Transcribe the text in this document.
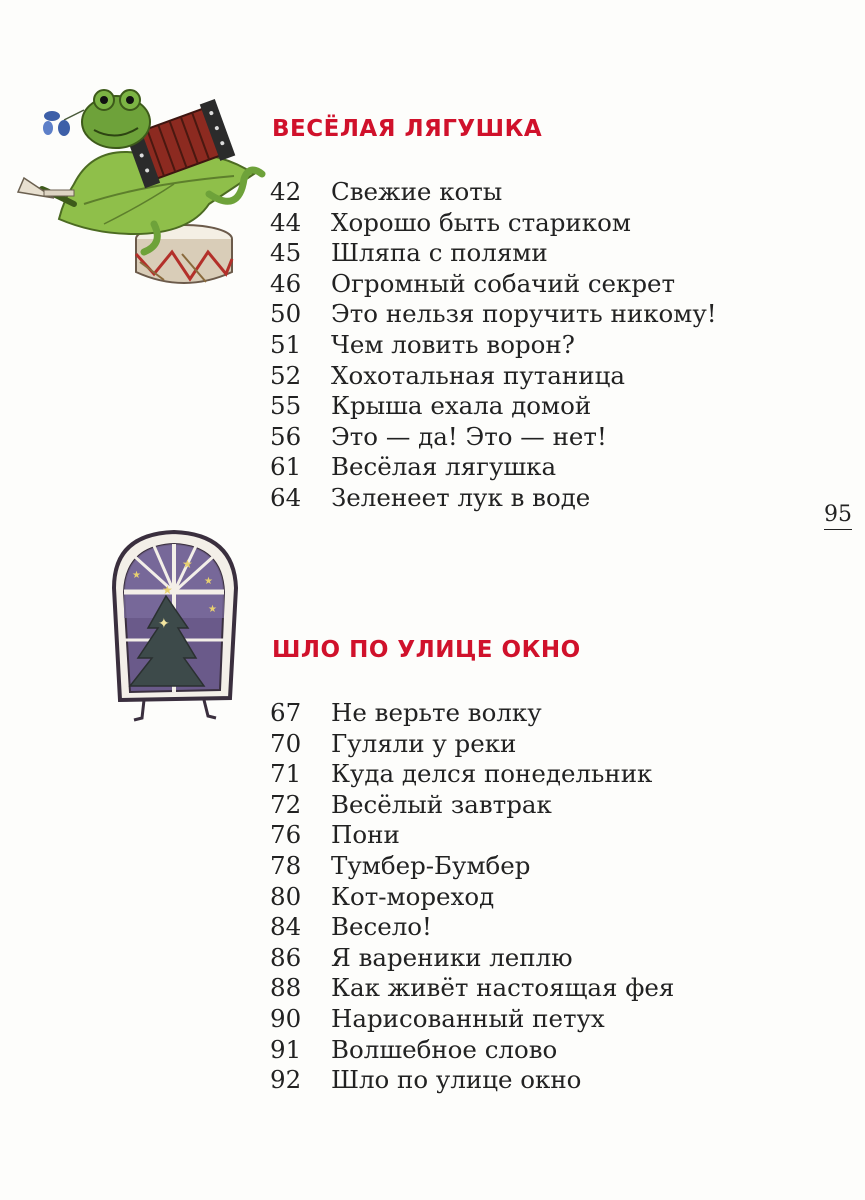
ВЕСЁЛАЯ ЛЯГУШКА
42	Свежие коты
44	Хорошо быть стариком
45	Шляпа с полями
46	Огромный собачий секрет
50	Это нельзя поручить никому!
51	Чем ловить ворон?
52	Хохотальная путаница
55	Крыша ехала домой
56	Это — да! Это — нет!
61	Весёлая лягушка
64	Зеленеет лук в воде
95
★
★
★
★
✦
★
ШЛО ПО УЛИЦЕ ОКНО
67	Не верьте волку
70	Гуляли у реки
71	Куда делся понедельник
72	Весёлый завтрак
76	Пони
78	Тумбер-Бумбер
80	Кот-мореход
84	Весело!
86	Я вареники леплю
88	Как живёт настоящая фея
90	Нарисованный петух
91	Волшебное слово
92	Шло по улице окно
